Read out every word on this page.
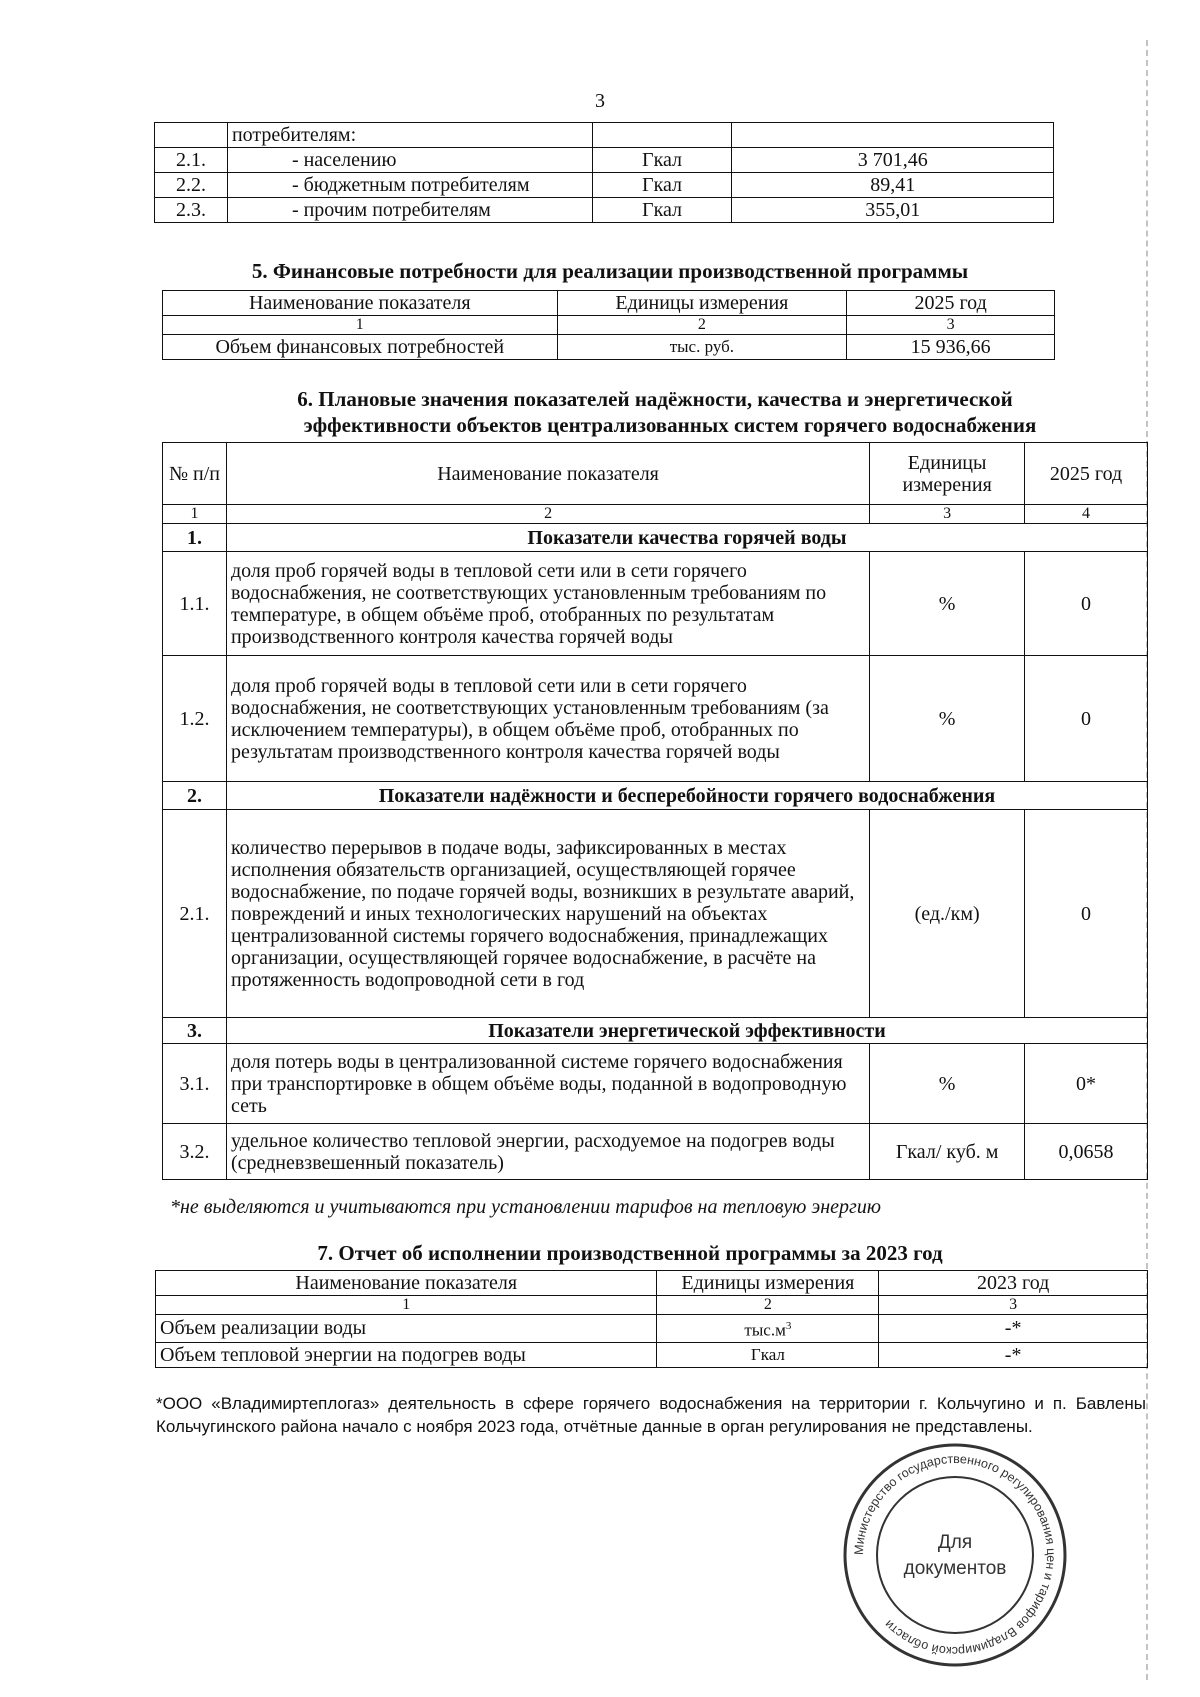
3
	потребителям:		
2.1.	- населению	Гкал	3 701,46
2.2.	- бюджетным потребителям	Гкал	89,41
2.3.	- прочим потребителям	Гкал	355,01
5. Финансовые потребности для реализации производственной программы
Наименование показателя	Единицы измерения	2025 год
1	2	3
Объем финансовых потребностей	тыс. руб.	15 936,66
6. Плановые значения показателей надёжности, качества и энергетической
эффективности объектов централизованных систем горячего водоснабжения
№ п/п	Наименование показателя	Единицы измерения	2025 год
1	2	3	4
1.	Показатели качества горячей воды		
1.1.	доля проб горячей воды в тепловой сети или в сети горячего водоснабжения, не соответствующих установленным требованиям по температуре, в общем объёме проб, отобранных по результатам производственного контроля качества горячей воды	%	0
1.2.	доля проб горячей воды в тепловой сети или в сети горячего водоснабжения, не соответствующих установленным требованиям (за исключением температуры), в общем объёме проб, отобранных по результатам производственного контроля качества горячей воды	%	0
2.	Показатели надёжности и бесперебойности горячего водоснабжения		
2.1.	количество перерывов в подаче воды, зафиксированных в местах исполнения обязательств организацией, осуществляющей горячее водоснабжение, по подаче горячей воды, возникших в результате аварий, повреждений и иных технологических нарушений на объектах централизованной системы горячего водоснабжения, принадлежащих организации, осуществляющей горячее водоснабжение, в расчёте на протяженность водопроводной сети в год	(ед./км)	0
3.	Показатели энергетической эффективности		
3.1.	доля потерь воды в централизованной системе горячего водоснабжения при транспортировке в общем объёме воды, поданной в водопроводную сеть	%	0*
3.2.	удельное количество тепловой энергии, расходуемое на подогрев воды (средневзвешенный показатель)	Гкал/ куб. м	0,0658
*не выделяются и учитываются при установлении тарифов на тепловую энергию
7. Отчет об исполнении производственной программы за 2023 год
Наименование показателя	Единицы измерения	2023 год
1	2	3
Объем реализации воды	$тыс.м^3$	-*
Объем тепловой энергии на подогрев воды	Гкал	-*
*ООО «Владимиртеплогаз» деятельность в сфере горячего водоснабжения на территории г. Кольчугино и п. Бавлены Кольчугинского района начало с ноября 2023 года, отчётные данные в орган регулирования не представлены.
Министерство государственного регулирования цен и тарифов Владимирской области
Для
документов
